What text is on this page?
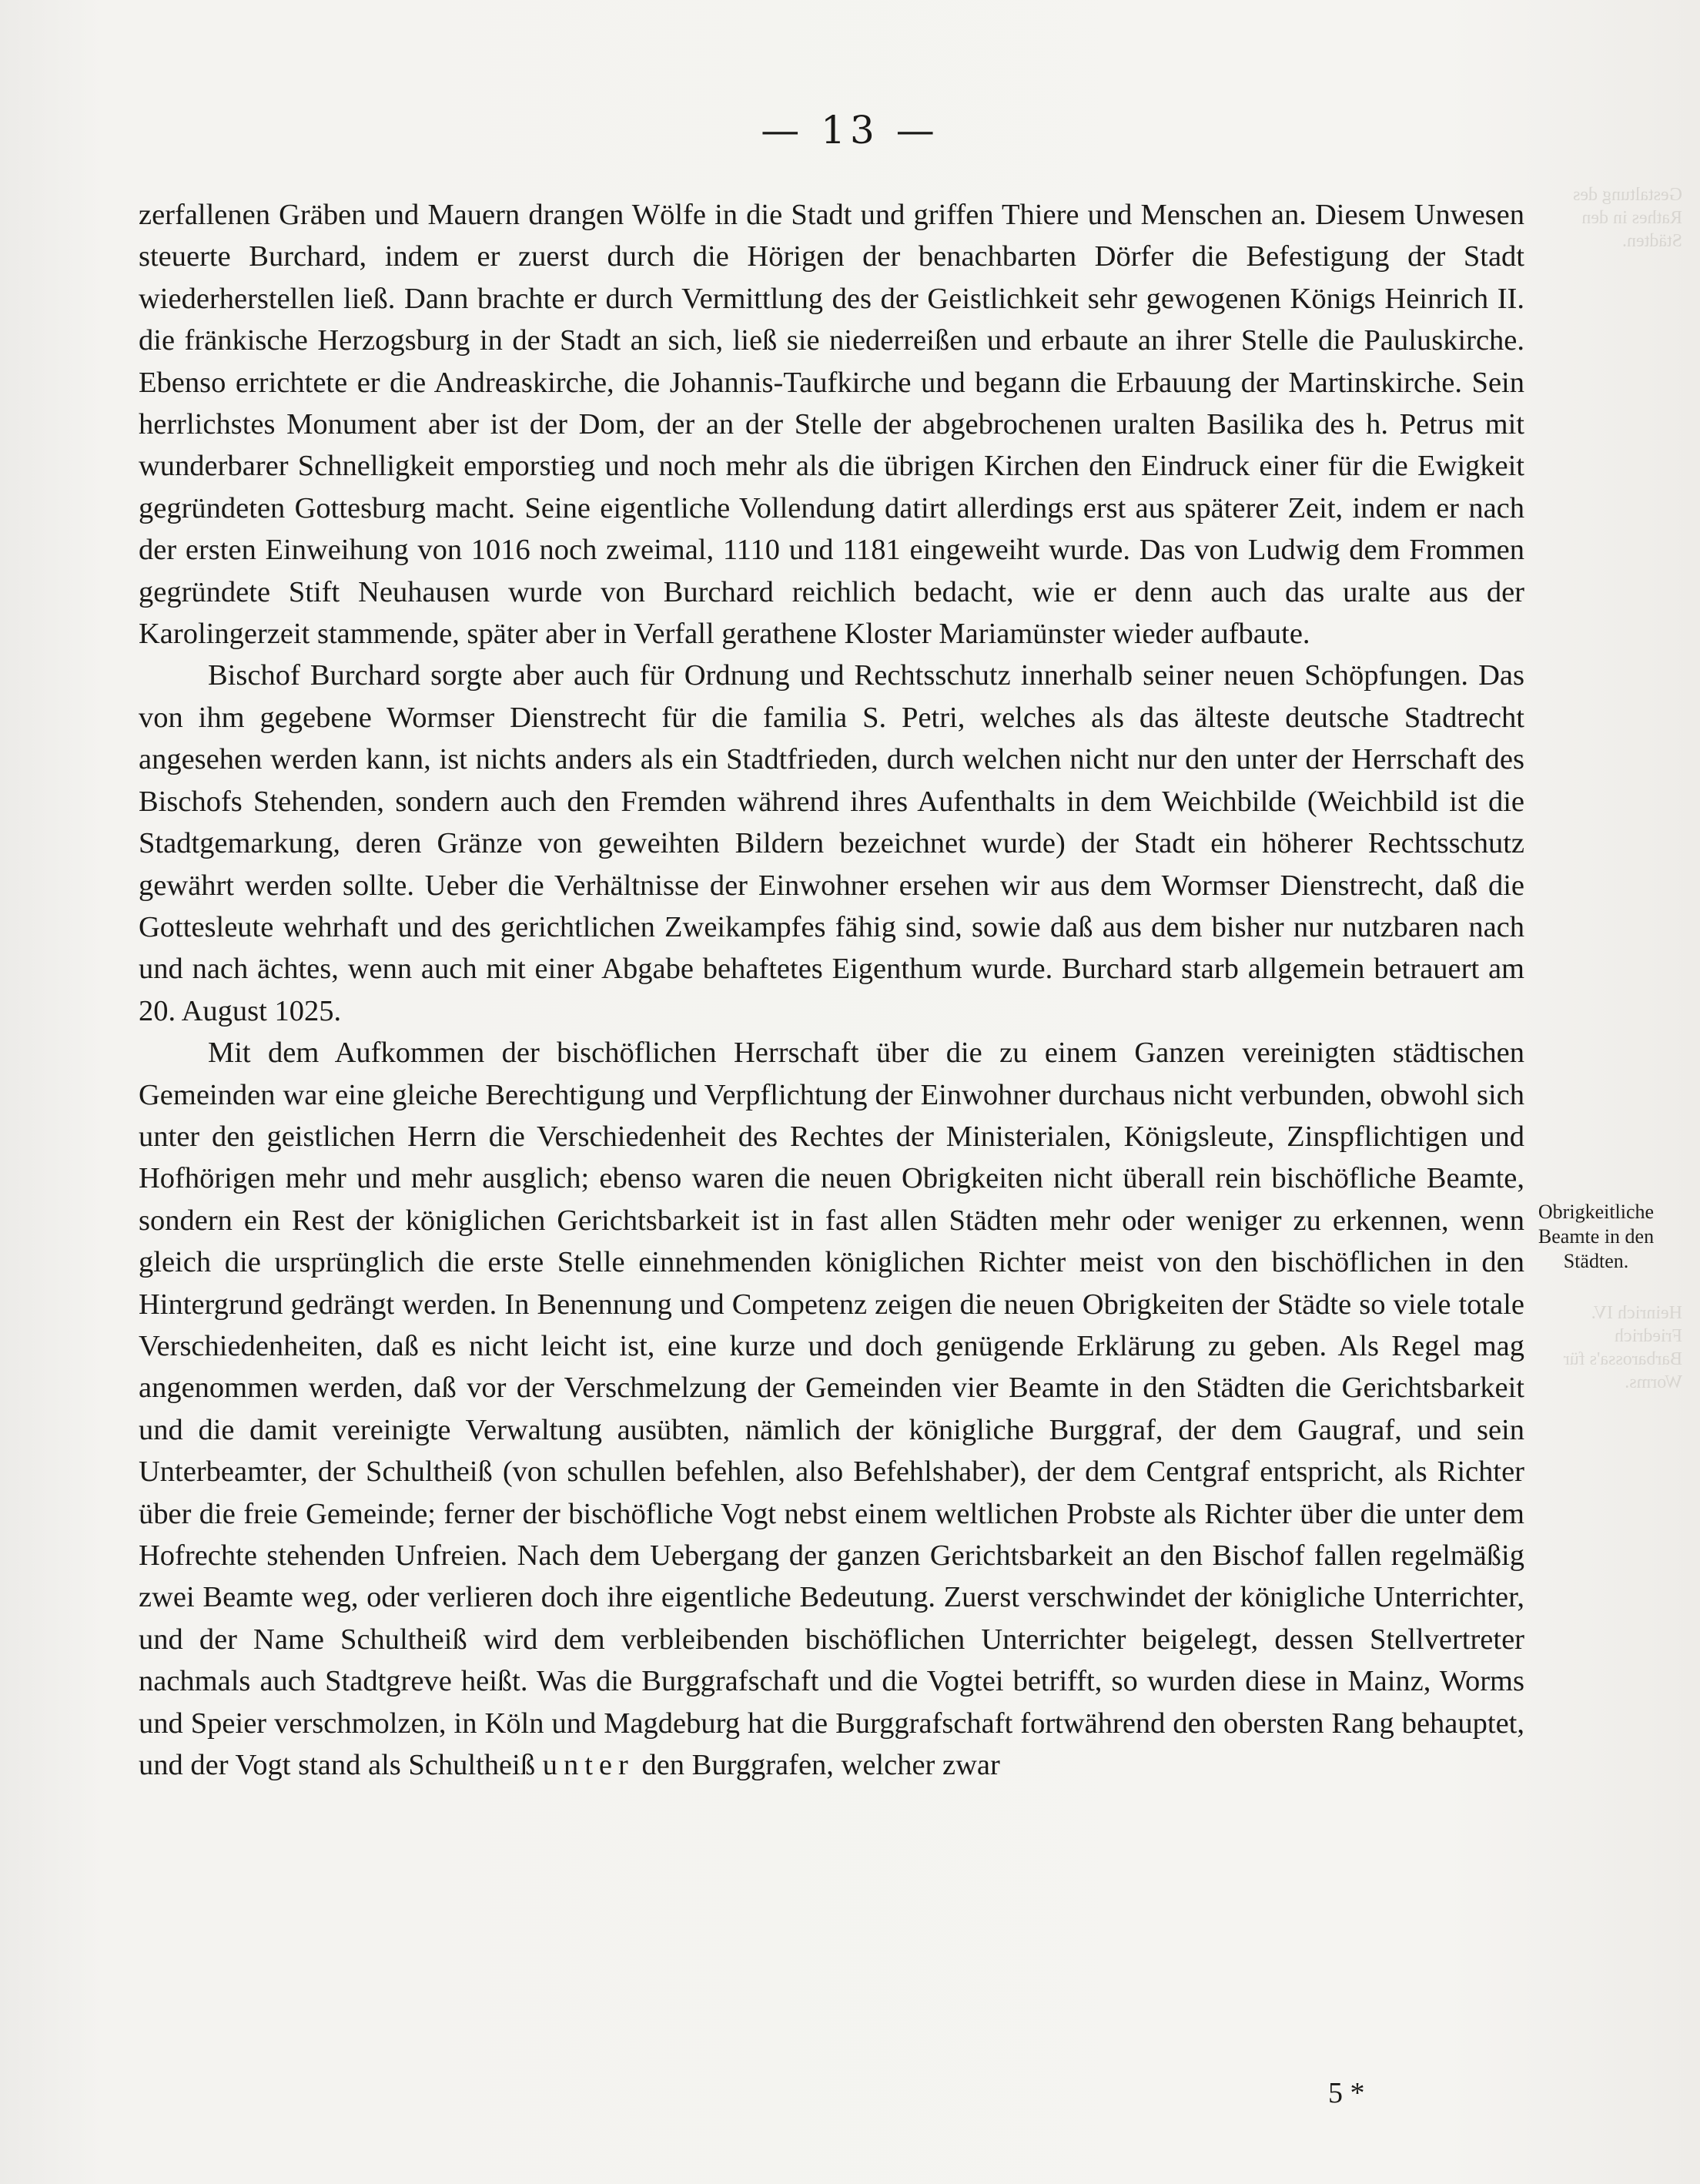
Gestaltung des Rathes in den Städten.
Heinrich IV. Friedrich Barbarossa's für Worms.
— 13 —

zerfallenen Gräben und Mauern drangen Wölfe in die Stadt und griffen Thiere und Menschen an. Diesem Unwesen steuerte Burchard, indem er zuerst durch die Hörigen der benachbarten Dörfer die Befestigung der Stadt wiederherstellen ließ. Dann brachte er durch Vermittlung des der Geistlichkeit sehr gewogenen Königs Heinrich II. die fränkische Herzogsburg in der Stadt an sich, ließ sie niederreißen und erbaute an ihrer Stelle die Pauluskirche. Ebenso errichtete er die Andreaskirche, die Johannis-Taufkirche und begann die Erbauung der Martinskirche. Sein herrlichstes Monument aber ist der Dom, der an der Stelle der abgebrochenen uralten Basilika des h. Petrus mit wunderbarer Schnelligkeit emporstieg und noch mehr als die übrigen Kirchen den Eindruck einer für die Ewigkeit gegründeten Gottesburg macht. Seine eigentliche Vollendung datirt allerdings erst aus späterer Zeit, indem er nach der ersten Einweihung von 1016 noch zweimal, 1110 und 1181 eingeweiht wurde. Das von Ludwig dem Frommen gegründete Stift Neuhausen wurde von Burchard reichlich bedacht, wie er denn auch das uralte aus der Karolingerzeit stammende, später aber in Verfall gerathene Kloster Mariamünster wieder aufbaute.

Bischof Burchard sorgte aber auch für Ordnung und Rechtsschutz innerhalb seiner neuen Schöpfungen. Das von ihm gegebene Wormser Dienstrecht für die familia S. Petri, welches als das älteste deutsche Stadtrecht angesehen werden kann, ist nichts anders als ein Stadtfrieden, durch welchen nicht nur den unter der Herrschaft des Bischofs Stehenden, sondern auch den Fremden während ihres Aufenthalts in dem Weichbilde (Weichbild ist die Stadtgemarkung, deren Gränze von geweihten Bildern bezeichnet wurde) der Stadt ein höherer Rechtsschutz gewährt werden sollte. Ueber die Verhältnisse der Einwohner ersehen wir aus dem Wormser Dienstrecht, daß die Gottesleute wehrhaft und des gerichtlichen Zweikampfes fähig sind, sowie daß aus dem bisher nur nutzbaren nach und nach ächtes, wenn auch mit einer Abgabe behaftetes Eigenthum wurde. Burchard starb allgemein betrauert am 20. August 1025.

Mit dem Aufkommen der bischöflichen Herrschaft über die zu einem Ganzen vereinigten städtischen Gemeinden war eine gleiche Berechtigung und Verpflichtung der Einwohner durchaus nicht verbunden, obwohl sich unter den geistlichen Herrn die Verschiedenheit des Rechtes der Ministerialen, Königsleute, Zinspflichtigen und Hofhörigen mehr und mehr ausglich; ebenso waren die neuen Obrigkeiten nicht überall rein bischöfliche Beamte, sondern ein Rest der königlichen Gerichtsbarkeit ist in fast allen Städten mehr oder weniger zu erkennen, wenn gleich die ursprünglich die erste Stelle einnehmenden königlichen Richter meist von den bischöflichen in den Hintergrund gedrängt werden. In Benennung und Competenz zeigen die neuen Obrigkeiten der Städte so viele totale Verschiedenheiten, daß es nicht leicht ist, eine kurze und doch genügende Erklärung zu geben. Als Regel mag angenommen werden, daß vor der Verschmelzung der Gemeinden vier Beamte in den Städten die Gerichtsbarkeit und die damit vereinigte Verwaltung ausübten, nämlich der königliche Burggraf, der dem Gaugraf, und sein Unterbeamter, der Schultheiß (von schullen befehlen, also Befehlshaber), der dem Centgraf entspricht, als Richter über die freie Gemeinde; ferner der bischöfliche Vogt nebst einem weltlichen Probste als Richter über die unter dem Hofrechte stehenden Unfreien. Nach dem Uebergang der ganzen Gerichtsbarkeit an den Bischof fallen regelmäßig zwei Beamte weg, oder verlieren doch ihre eigentliche Bedeutung. Zuerst verschwindet der königliche Unterrichter, und der Name Schultheiß wird dem verbleibenden bischöflichen Unterrichter beigelegt, dessen Stellvertreter nachmals auch Stadtgreve heißt. Was die Burggrafschaft und die Vogtei betrifft, so wurden diese in Mainz, Worms und Speier verschmolzen, in Köln und Magdeburg hat die Burggrafschaft fortwährend den obersten Rang behauptet, und der Vogt stand als Schultheiß unter den Burggrafen, welcher zwar

Obrigkeitliche
Beamte in den
Städten.
5 *
